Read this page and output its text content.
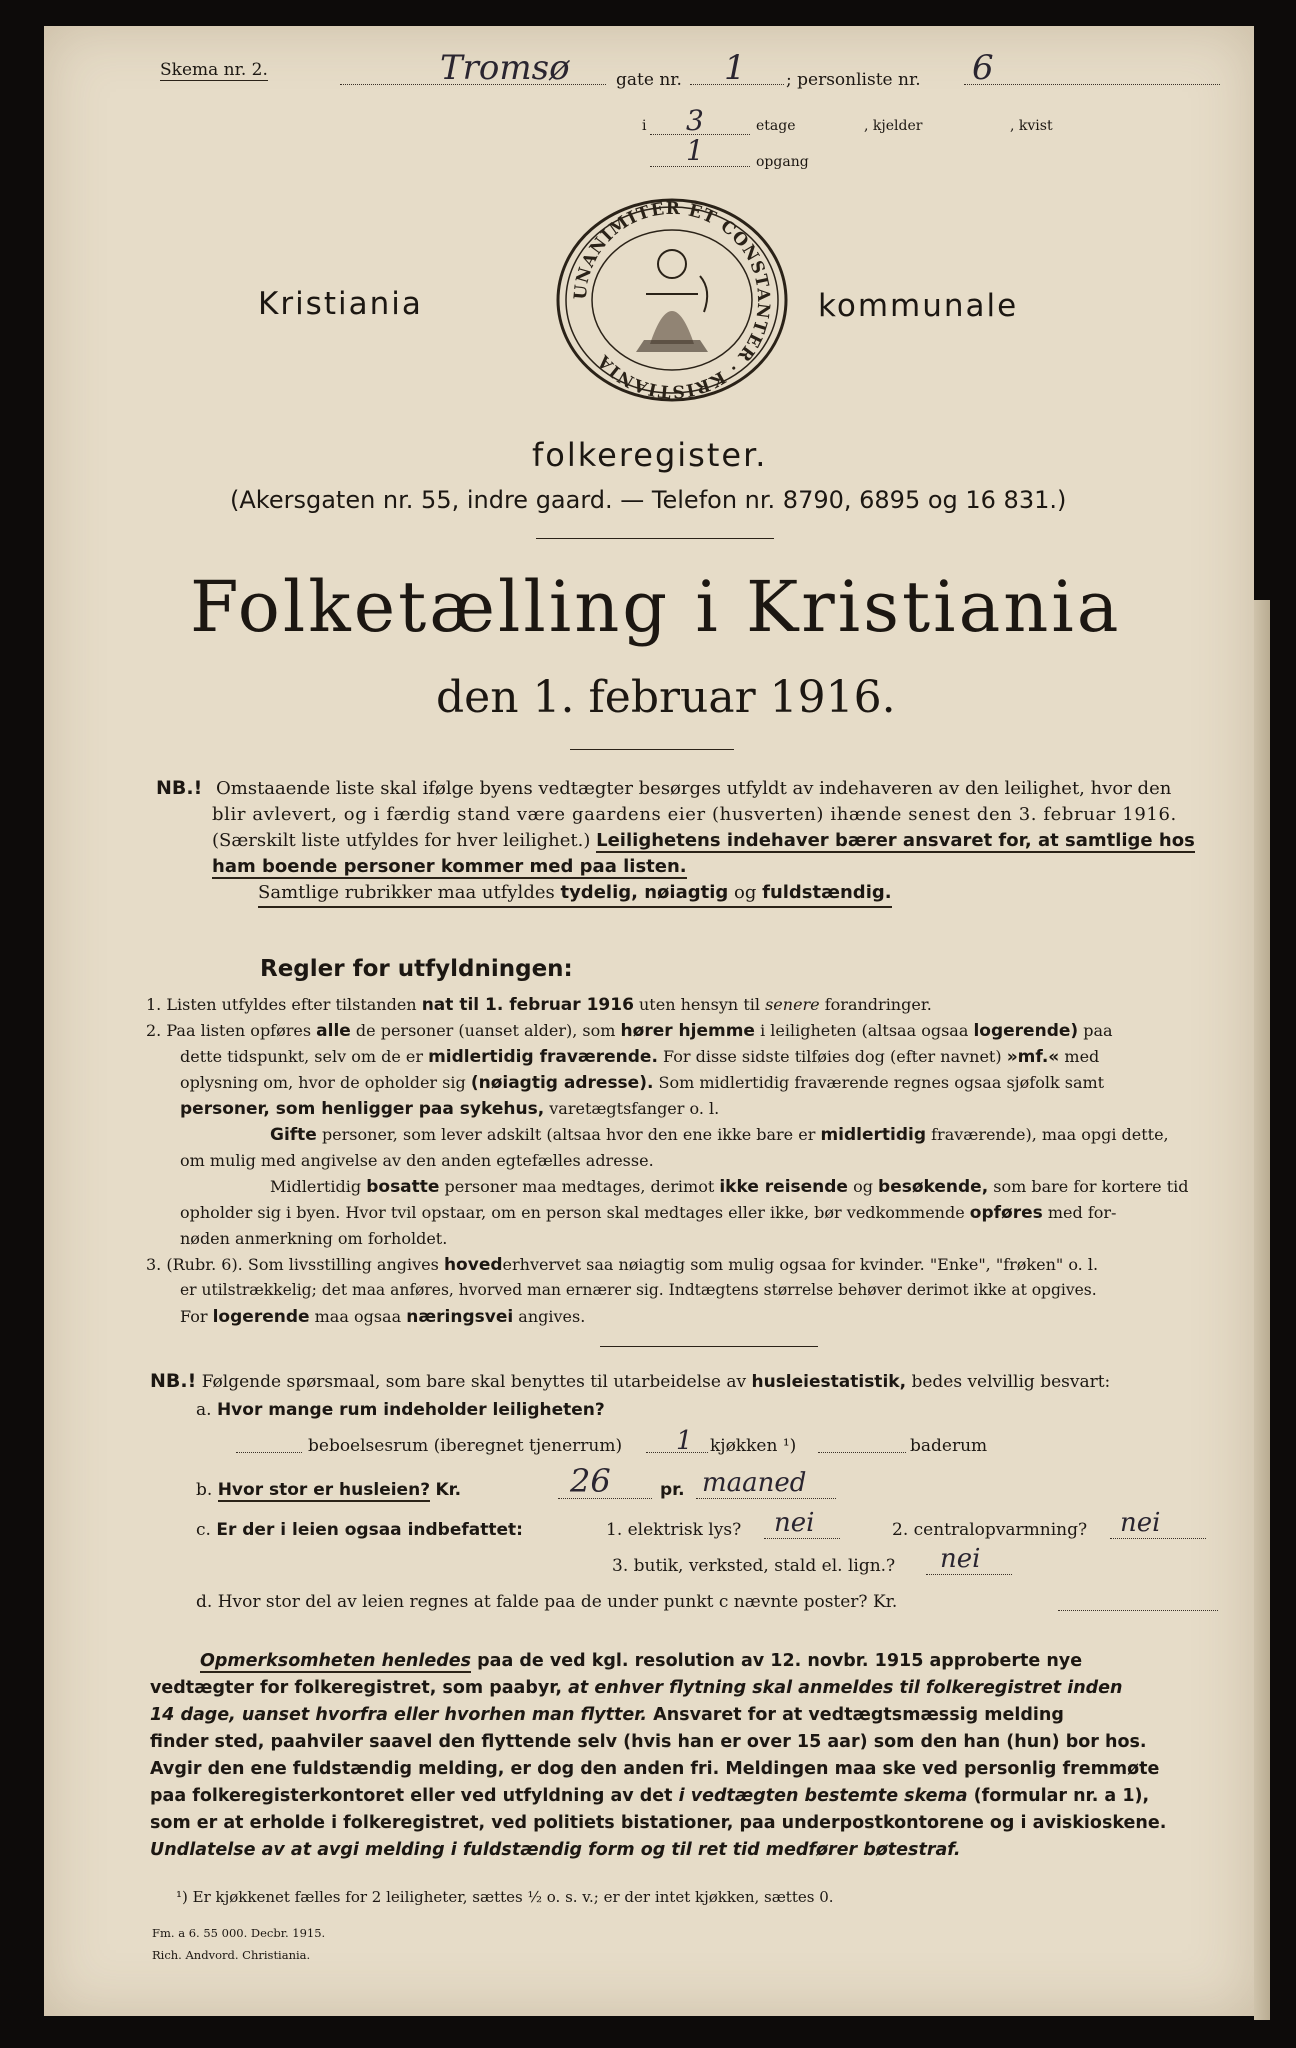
Skema nr. 2.	Tromsø	gate nr. 1 ; personliste nr. 6
i 3	etage	, kjelder	, kvist
1	opgang
UNANIMITER ET CONSTANTER · KRISTIANIA
Kristiania	kommunale
folkeregister.
(Akersgaten nr. 55, indre gaard. — Telefon nr. 8790, 6895 og 16 831.)
Folketælling i Kristiania
den 1. februar 1916.
NB.! Omstaaende liste skal ifølge byens vedtægter besørges utfyldt av indehaveren av den leilighet, hvor den
blir avlevert, og i færdig stand være gaardens eier (husverten) ihænde senest den 3. februar 1916.
(Særskilt liste utfyldes for hver leilighet.) Leilighetens indehaver bærer ansvaret for, at samtlige hos
ham boende personer kommer med paa listen.
Samtlige rubrikker maa utfyldes tydelig, nøiagtig og fuldstændig.
Regler for utfyldningen:
1. Listen utfyldes efter tilstanden nat til 1. februar 1916 uten hensyn til senere forandringer.
2. Paa listen opføres alle de personer (uanset alder), som hører hjemme i leiligheten (altsaa ogsaa logerende) paa
dette tidspunkt, selv om de er midlertidig fraværende. For disse sidste tilføies dog (efter navnet) »mf.« med
oplysning om, hvor de opholder sig (nøiagtig adresse). Som midlertidig fraværende regnes ogsaa sjøfolk samt
personer, som henligger paa sykehus, varetægtsfanger o. l.
Gifte personer, som lever adskilt (altsaa hvor den ene ikke bare er midlertidig fraværende), maa opgi dette,
om mulig med angivelse av den anden egtefælles adresse.
Midlertidig bosatte personer maa medtages, derimot ikke reisende og besøkende, som bare for kortere tid
opholder sig i byen. Hvor tvil opstaar, om en person skal medtages eller ikke, bør vedkommende opføres med for-
nøden anmerkning om forholdet.
3. (Rubr. 6). Som livsstilling angives hovederhvervet saa nøiagtig som mulig ogsaa for kvinder. "Enke", "frøken" o. l.
er utilstrækkelig; det maa anføres, hvorved man ernærer sig. Indtægtens størrelse behøver derimot ikke at opgives.
For logerende maa ogsaa næringsvei angives.
NB.! Følgende spørsmaal, som bare skal benyttes til utarbeidelse av husleiestatistik, bedes velvillig besvart:
a. Hvor mange rum indeholder leiligheten?
beboelsesrum (iberegnet tjenerrum) 1 kjøkken ¹)	baderum
b. Hvor stor er husleien? Kr.	26	pr. maaned
c. Er der i leien ogsaa indbefattet:	1. elektrisk lys? nei	2. centralopvarmning? nei
3. butik, verksted, stald el. lign.? nei
d. Hvor stor del av leien regnes at falde paa de under punkt c nævnte poster? Kr.
Opmerksomheten henledes paa de ved kgl. resolution av 12. novbr. 1915 approberte nye
vedtægter for folkeregistret, som paabyr, at enhver flytning skal anmeldes til folkeregistret inden
14 dage, uanset hvorfra eller hvorhen man flytter. Ansvaret for at vedtægtsmæssig melding
finder sted, paahviler saavel den flyttende selv (hvis han er over 15 aar) som den han (hun) bor hos.
Avgir den ene fuldstændig melding, er dog den anden fri. Meldingen maa ske ved personlig fremmøte
paa folkeregisterkontoret eller ved utfyldning av det i vedtægten bestemte skema (formular nr. a 1),
som er at erholde i folkeregistret, ved politiets bistationer, paa underpostkontorene og i aviskioskene.
Undlatelse av at avgi melding i fuldstændig form og til ret tid medfører bøtestraf.
¹) Er kjøkkenet fælles for 2 leiligheter, sættes ½ o. s. v.; er der intet kjøkken, sættes 0.
Fm. a 6. 55 000. Decbr. 1915.
Rich. Andvord. Christiania.
